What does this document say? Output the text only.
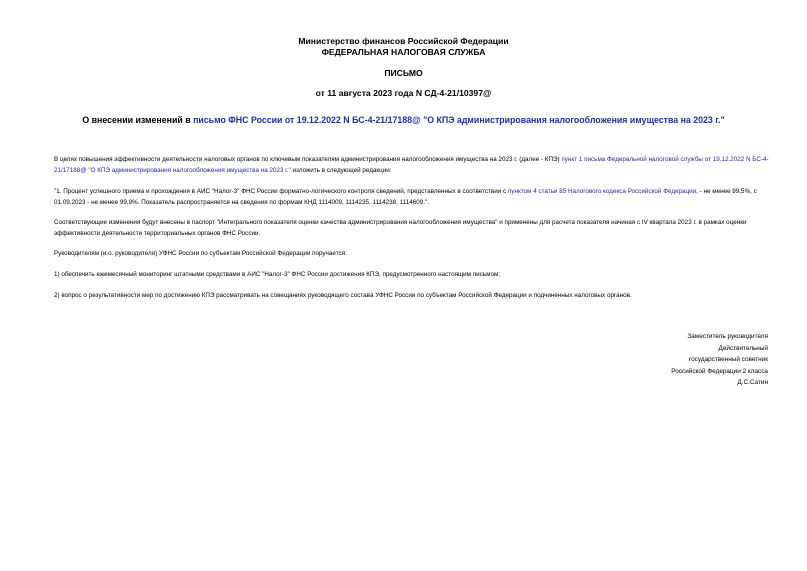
Министерство финансов Российской Федерации
ФЕДЕРАЛЬНАЯ НАЛОГОВАЯ СЛУЖБА
ПИСЬМО
от 11 августа 2023 года N СД-4-21/10397@
О внесении изменений в письмо ФНС России от 19.12.2022 N БС-4-21/17188@ "О КПЭ администрирования налогообложения имущества на 2023 г."
В целях повышения эффективности деятельности налоговых органов по ключевым показателям администрирования налогообложения имущества на 2023 г. (далее - КПЭ) пункт 1 письма Федеральной налоговой службы от 19.12.2022 N БС-4-21/17188@ "О КПЭ администрирования налогообложения имущества на 2023 г." изложить в следующей редакции:
"1. Процент успешного приема и прохождения в АИС "Налог-3" ФНС России форматно-логического контроля сведений, представленных в соответствии с пунктом 4 статьи 85 Налогового кодекса Российской Федерации, - не менее 99,5%, с 01.09.2023 - не менее 99,9%. Показатель распространяется на сведения по формам КНД 1114009, 1114235, 1114238, 1114609.".
Соответствующие изменения будут внесены в паспорт "Интегрального показателя оценки качества администрирования налогообложения имущества" и применены для расчета показателя начиная с IV квартала 2023 г. в рамках оценки эффективности деятельности территориальных органов ФНС России.
Руководителям (и.о. руководителя) УФНС России по субъектам Российской Федерации поручается:
1) обеспечить ежемесячный мониторинг штатными средствами в АИС "Налог-3" ФНС России достижения КПЭ, предусмотренного настоящим письмом;
2) вопрос о результативности мер по достижению КПЭ рассматривать на совещаниях руководящего состава УФНС России по субъектам Российской Федерации и подчиненных налоговых органов.
Заместитель руководителя
Действительный
государственный советник
Российской Федерации 2 класса
Д.С.Сатин
